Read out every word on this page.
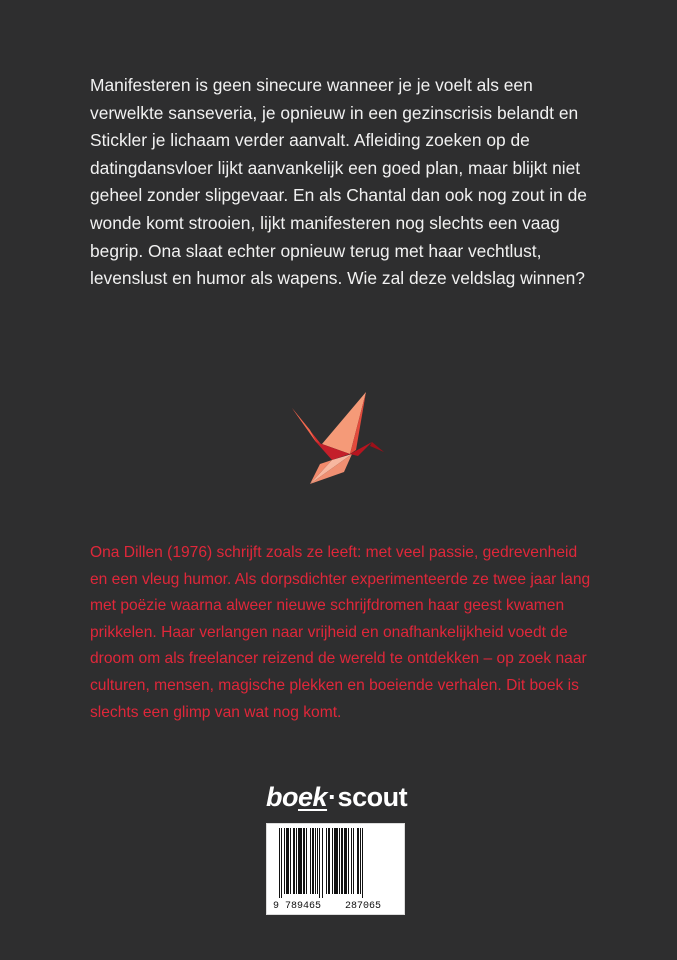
Manifesteren is geen sinecure wanneer je je voelt als een verwelkte sanseveria, je opnieuw in een gezinscrisis belandt en Stickler je lichaam verder aanvalt. Afleiding zoeken op de datingdansvloer lijkt aanvankelijk een goed plan, maar blijkt niet geheel zonder slipgevaar. En als Chantal dan ook nog zout in de wonde komt strooien, lijkt manifesteren nog slechts een vaag begrip. Ona slaat echter opnieuw terug met haar vechtlust, levenslust en humor als wapens. Wie zal deze veldslag winnen?

Ona Dillen (1976) schrijft zoals ze leeft: met veel passie, gedrevenheid en een vleug humor. Als dorpsdichter experimenteerde ze twee jaar lang met poëzie waarna alweer nieuwe schrijfdromen haar geest kwamen prikkelen. Haar verlangen naar vrijheid en onafhankelijkheid voedt de droom om als freelancer reizend de wereld te ontdekken – op zoek naar culturen, mensen, magische plekken en boeiende verhalen. Dit boek is slechts een glimp van wat nog komt.

boek·scout
9 789465	287065
